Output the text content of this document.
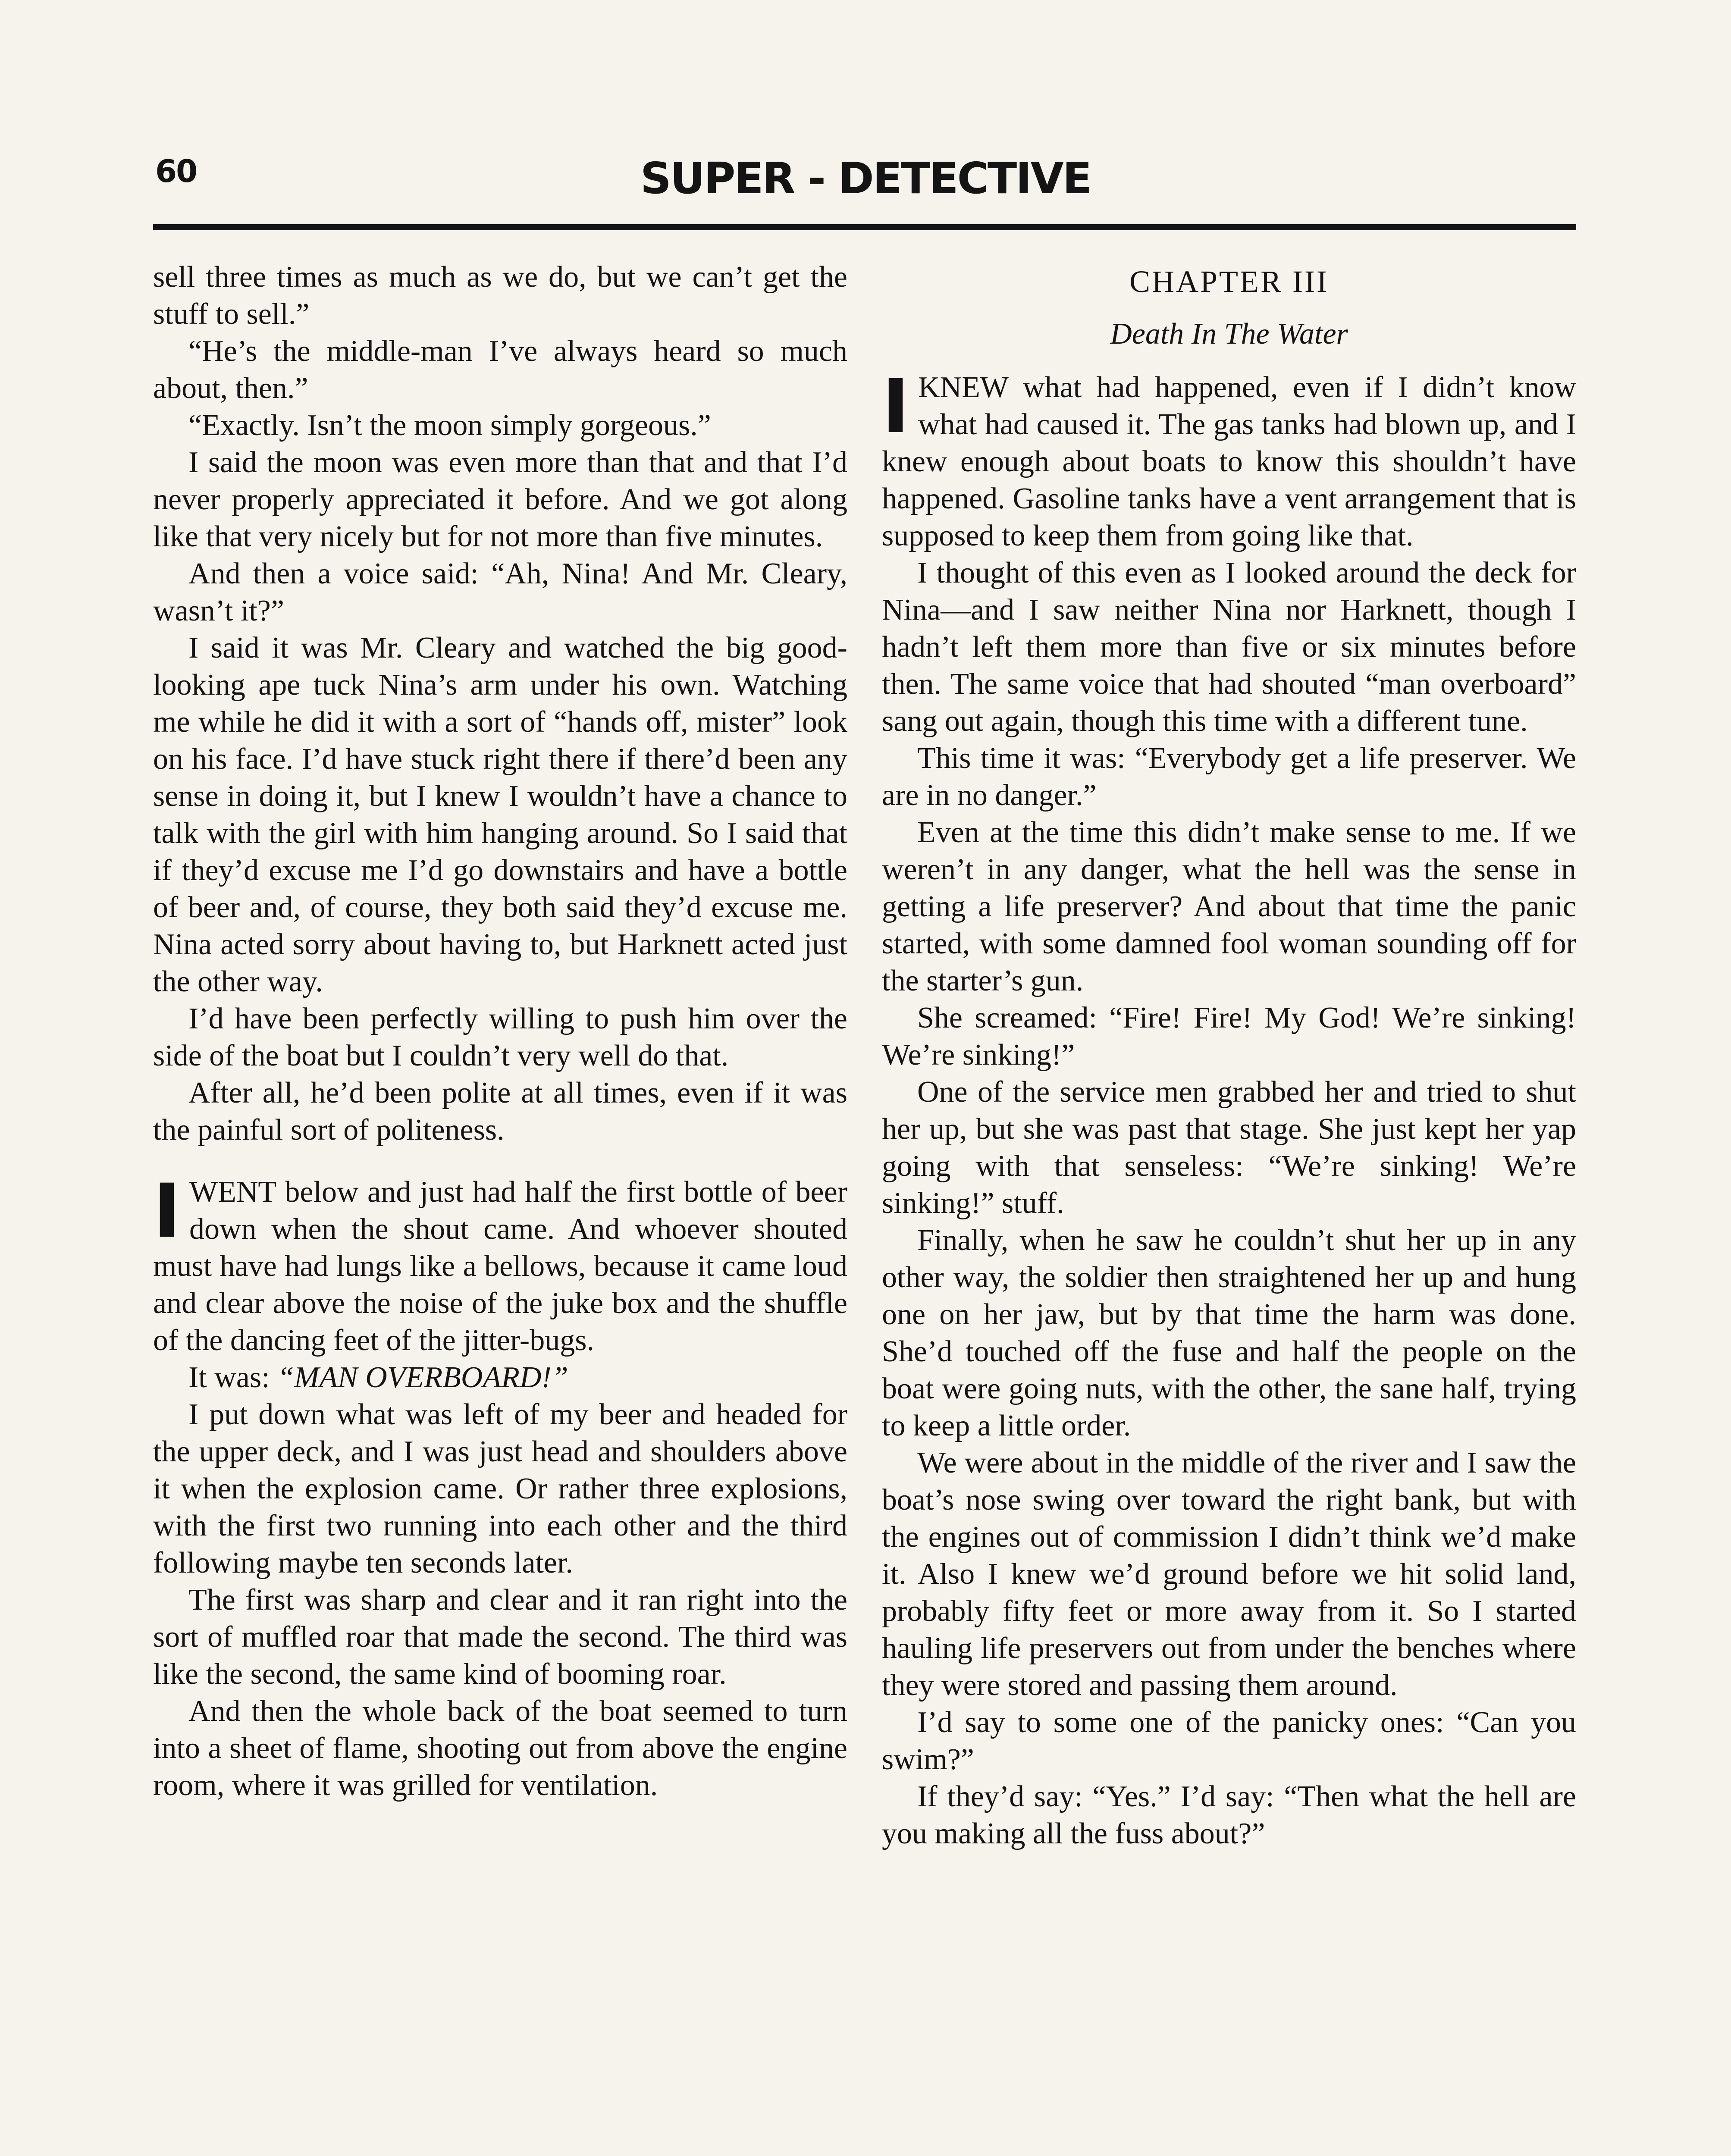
60	SUPER - DETECTIVE

sell three times as much as we do, but we can’t get the stuff to sell.”

“He’s the middle-man I’ve always heard so much about, then.”

“Exactly. Isn’t the moon simply gorgeous.”

I said the moon was even more than that and that I’d never properly appreciated it before. And we got along like that very nicely but for not more than five minutes.

And then a voice said: “Ah, Nina! And Mr. Cleary, wasn’t it?”

I said it was Mr. Cleary and watched the big good-looking ape tuck Nina’s arm under his own. Watching me while he did it with a sort of “hands off, mister” look on his face. I’d have stuck right there if there’d been any sense in doing it, but I knew I wouldn’t have a chance to talk with the girl with him hanging around. So I said that if they’d excuse me I’d go downstairs and have a bottle of beer and, of course, they both said they’d excuse me. Nina acted sorry about having to, but Harknett acted just the other way.

I’d have been perfectly willing to push him over the side of the boat but I couldn’t very well do that.

After all, he’d been polite at all times, even if it was the painful sort of politeness.

IWENT below and just had half the first bottle of beer down when the shout came. And whoever shouted must have had lungs like a bellows, because it came loud and clear above the noise of the juke box and the shuffle of the dancing feet of the jitter-bugs.

It was: “MAN OVERBOARD!”

I put down what was left of my beer and headed for the upper deck, and I was just head and shoulders above it when the explosion came. Or rather three explosions, with the first two running into each other and the third following maybe ten seconds later.

The first was sharp and clear and it ran right into the sort of muffled roar that made the second. The third was like the second, the same kind of booming roar.

And then the whole back of the boat seemed to turn into a sheet of flame, shooting out from above the engine room, where it was grilled for ventilation.

CHAPTER III
Death In The Water

IKNEW what had happened, even if I didn’t know what had caused it. The gas tanks had blown up, and I knew enough about boats to know this shouldn’t have happened. Gasoline tanks have a vent arrangement that is supposed to keep them from going like that.

I thought of this even as I looked around the deck for Nina—and I saw neither Nina nor Harknett, though I hadn’t left them more than five or six minutes before then. The same voice that had shouted “man overboard” sang out again, though this time with a different tune.

This time it was: “Everybody get a life preserver. We are in no danger.”

Even at the time this didn’t make sense to me. If we weren’t in any danger, what the hell was the sense in getting a life preserver? And about that time the panic started, with some damned fool woman sounding off for the starter’s gun.

She screamed: “Fire! Fire! My God! We’re sinking! We’re sinking!”

One of the service men grabbed her and tried to shut her up, but she was past that stage. She just kept her yap going with that senseless: “We’re sinking! We’re sinking!” stuff.

Finally, when he saw he couldn’t shut her up in any other way, the soldier then straightened her up and hung one on her jaw, but by that time the harm was done. She’d touched off the fuse and half the people on the boat were going nuts, with the other, the sane half, trying to keep a little order.

We were about in the middle of the river and I saw the boat’s nose swing over toward the right bank, but with the engines out of commission I didn’t think we’d make it. Also I knew we’d ground before we hit solid land, probably fifty feet or more away from it. So I started hauling life preservers out from under the benches where they were stored and passing them around.

I’d say to some one of the panicky ones: “Can you swim?”

If they’d say: “Yes.” I’d say: “Then what the hell are you making all the fuss about?”
